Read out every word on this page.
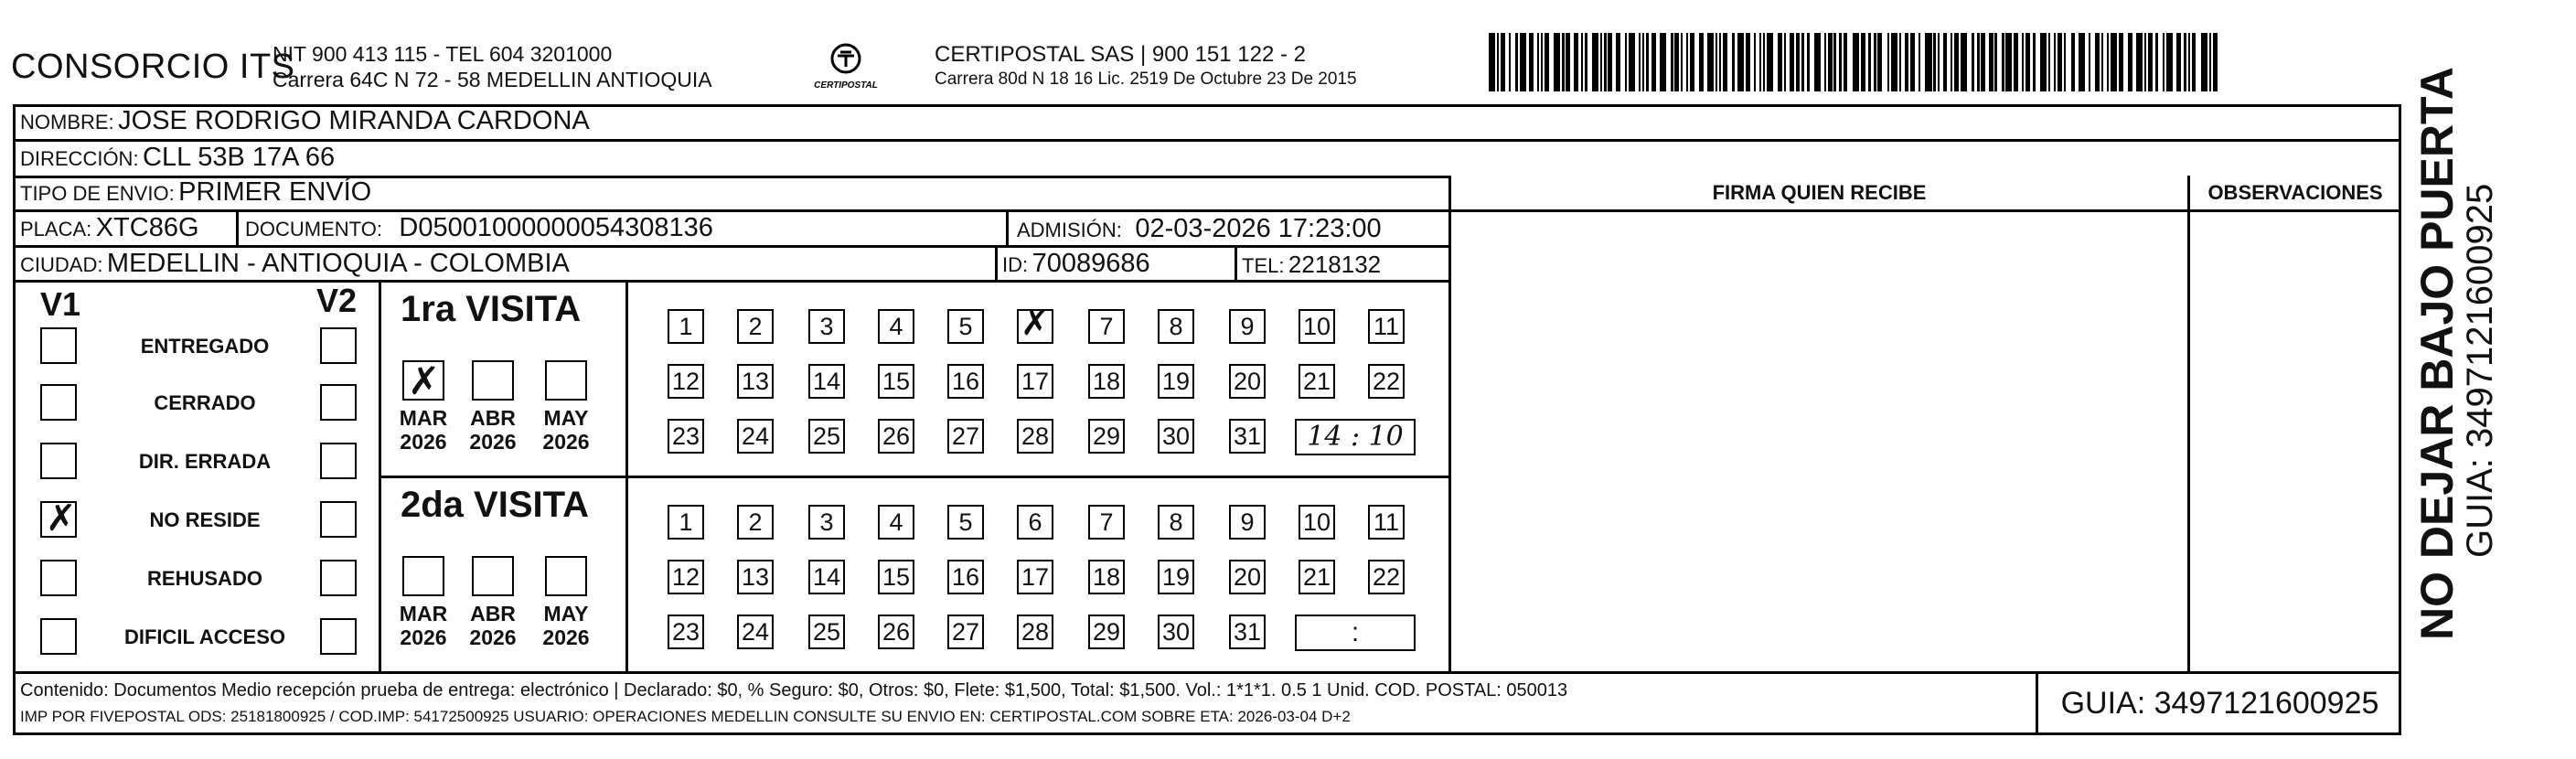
CONSORCIO ITS
NIT 900 413 115 - TEL 604 3201000
Carrera 64C N 72 - 58 MEDELLIN ANTIOQUIA	CERTIPOSTAL
CERTIPOSTAL SAS | 900 151 122 - 2
Carrera 80d N 18 16 Lic. 2519 De Octubre 23 De 2015
NOMBRE: JOSE RODRIGO MIRANDA CARDONA
DIRECCIÓN: CLL 53B 17A 66
TIPO DE ENVIO: PRIMER ENVÍO
PLACA: XTC86G DOCUMENTO: D05001000000054308136	ADMISIÓN: 02-03-2026 17:23:00
CIUDAD: MEDELLIN - ANTIOQUIA - COLOMBIA	ID: 70089686	TEL: 2218132
FIRMA QUIEN RECIBE	OBSERVACIONES
V1	V2
ENTREGADO
CERRADO
DIR. ERRADA
✗
NO RESIDE
REHUSADO
DIFICIL ACCESO
1ra VISITA
✗
MAR
2026
ABR
2026
MAY
2026
1	2	3	4	5
✗	7	8	9	10 11
12 13 14 15 16 17 18 19 20 21 22
23 24 25 26 27 28 29 30 31	14 : 10
2da VISITA
MAR
2026
ABR
2026
MAY
2026
1	2	3	4	5	6	7	8	9	10 11
12 13 14 15 16 17 18 19 20 21 22
23 24 25 26 27 28 29 30 31	:
Contenido: Documentos Medio recepción prueba de entrega: electrónico | Declarado: $0, % Seguro: $0, Otros: $0, Flete: $1,500, Total: $1,500. Vol.: 1*1*1. 0.5 1 Unid. COD. POSTAL: 050013
IMP POR FIVEPOSTAL ODS: 25181800925 / COD.IMP: 54172500925 USUARIO: OPERACIONES MEDELLIN CONSULTE SU ENVIO EN: CERTIPOSTAL.COM SOBRE ETA: 2026-03-04 D+2	GUIA: 3497121600925
NO DEJAR BAJO PUERTA
GUIA: 3497121600925
